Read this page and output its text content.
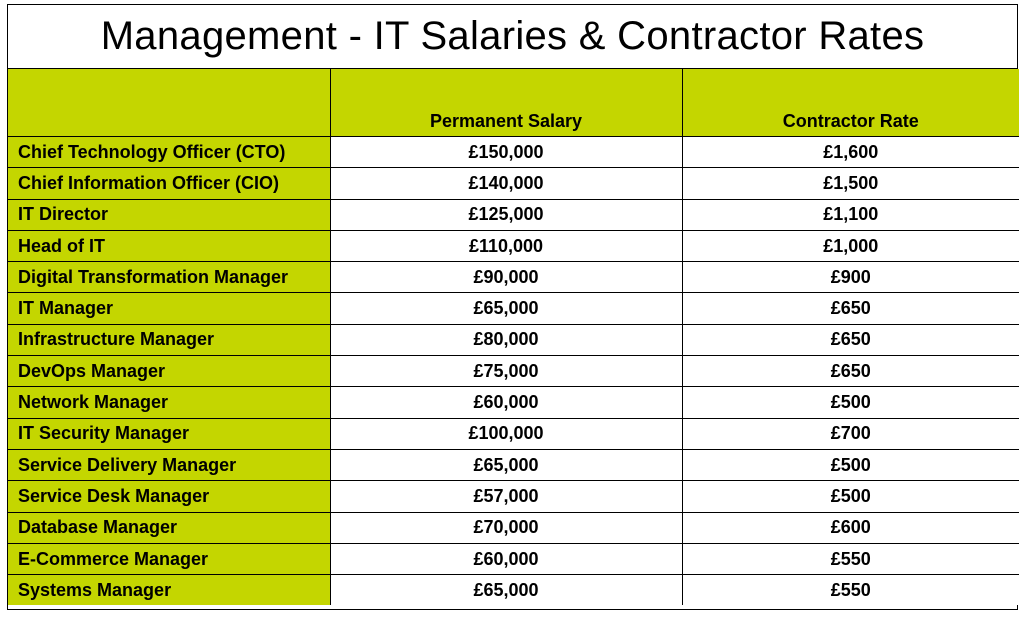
Management - IT Salaries & Contractor Rates
	Permanent Salary	Contractor Rate
Chief Technology Officer (CTO)	£150,000	£1,600
Chief Information Officer (CIO)	£140,000	£1,500
IT Director	£125,000	£1,100
Head of IT	£110,000	£1,000
Digital Transformation Manager	£90,000	£900
IT Manager	£65,000	£650
Infrastructure Manager	£80,000	£650
DevOps Manager	£75,000	£650
Network Manager	£60,000	£500
IT Security Manager	£100,000	£700
Service Delivery Manager	£65,000	£500
Service Desk Manager	£57,000	£500
Database Manager	£70,000	£600
E-Commerce Manager	£60,000	£550
Systems Manager	£65,000	£550
